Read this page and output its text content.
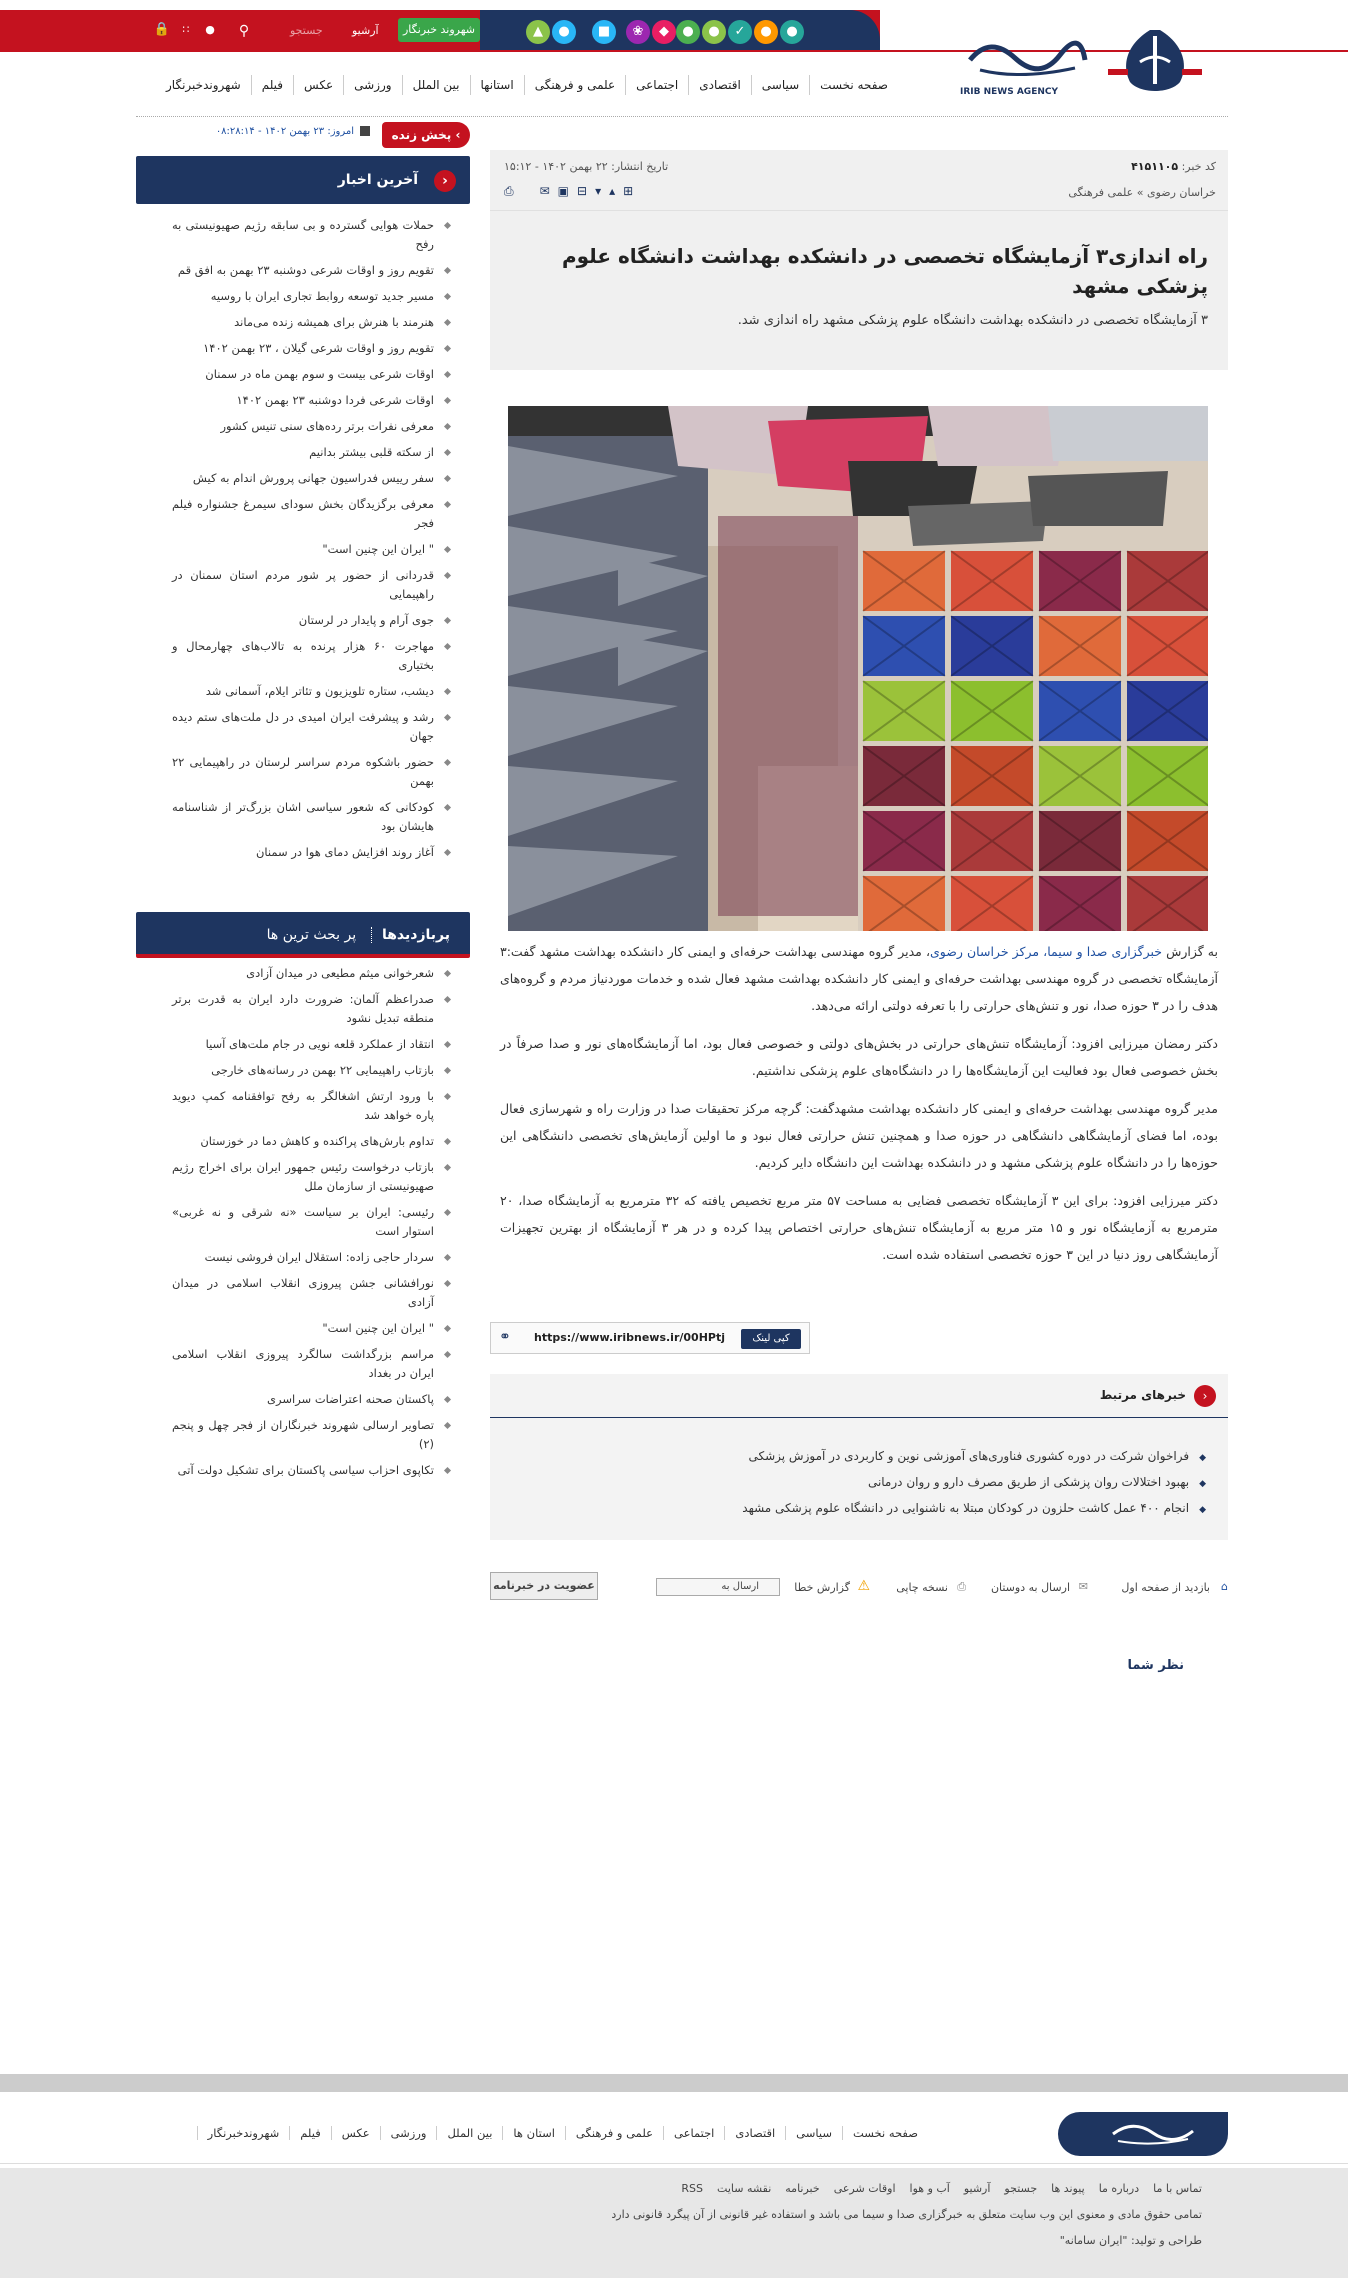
🔒	∷	●	⚲	جستجو	آرشیو	شهروند خبرنگار	▲	●	■	❀	◆	●	●	✓	●	●
IRIB NEWS AGENCY
صفحه نخست
سیاسی
اقتصادی
اجتماعی
علمی و فرهنگی
استانها
بین الملل
ورزشی
عکس
فیلم
شهروندخبرنگار
پخش زنده ‹
امروز: ۲۳ بهمن ۱۴۰۲ - ۰۸:۲۸:۱۴
‹
آخرین اخبار
حملات هوایی گسترده و بی سابقه رژیم صهیونیستی به رفح
تقویم روز و اوقات شرعی دوشنبه ۲۳ بهمن به افق قم
مسیر جدید توسعه روابط تجاری ایران با روسیه
هنرمند با هنرش برای همیشه زنده می‌ماند
تقویم روز و اوقات شرعی گیلان ، ۲۳ بهمن ۱۴۰۲
اوقات شرعی بیست و سوم بهمن ماه در سمنان
اوقات شرعی فردا دوشنبه ۲۳ بهمن ۱۴۰۲
معرفی نفرات برتر رده‌های سنی تنیس کشور
از سکته قلبی بیشتر بدانیم
سفر رییس فدراسیون جهانی پرورش اندام به کیش
معرفی برگزیدگان بخش سودای سیمرغ جشنواره فیلم فجر
" ایران این چنین است"
قدردانی از حضور پر شور مردم استان سمنان در راهپیمایی
جوی آرام و پایدار در لرستان
مهاجرت ۶۰ هزار پرنده به تالاب‌های چهارمحال و بختیاری
دیشب، ستاره تلویزیون و تئاتر ایلام، آسمانی شد
رشد و پیشرفت ایران امیدی در دل ملت‌های ستم دیده جهان
حضور باشکوه مردم سراسر لرستان در راهپیمایی ۲۲ بهمن
کودکانی که شعور سیاسی اشان بزرگ‌تر از شناسنامه هایشان بود
آغاز روند افزایش دمای هوا در سمنان
پربازدیدها پر بحث ترین ها
شعرخوانی میثم مطیعی در میدان آزادی
صدراعظم آلمان: ضرورت دارد ایران به قدرت برتر منطقه تبدیل نشود
انتقاد از عملکرد قلعه نویی در جام ملت‌های آسیا
بازتاب راهپیمایی ۲۲ بهمن در رسانه‌های خارجی
با ورود ارتش اشغالگر به رفح توافقنامه کمپ دیوید پاره خواهد شد
تداوم بارش‌های پراکنده و کاهش دما در خوزستان
بازتاب درخواست رئیس جمهور ایران برای اخراج رژیم صهیونیستی از سازمان ملل
رئیسی: ایران بر سیاست «نه شرقی و نه غربی» استوار است
سردار حاجی زاده: استقلال ایران فروشی نیست
نورافشانی جشن پیروزی انقلاب اسلامی در میدان آزادی
" ایران این چنین است"
مراسم بزرگداشت سالگرد پیروزی انقلاب اسلامی ایران در بغداد
پاکستان صحنه اعتراضات سراسری
تصاویر ارسالی شهروند خبرنگاران از فجر چهل و پنجم (۲)
تکاپوی احزاب سیاسی پاکستان برای تشکیل دولت آتی
کد خبر: ۴۱۵۱۱۰۵
تاریخ انتشار: ۲۲ بهمن ۱۴۰۲ - ۱۵:۱۲
خراسان رضوی » علمی فرهنگی
⎙ ✉ ▣ ⊟ ▾ ▴ ⊞
راه اندازی۳ آزمایشگاه تخصصی در دانشکده بهداشت دانشگاه علوم پزشکی مشهد

۳ آزمایشگاه تخصصی در دانشکده بهداشت دانشگاه علوم پزشکی مشهد راه اندازی شد.

به گزارش خبرگزاری صدا و سیما، مرکز خراسان رضوی، مدیر گروه مهندسی بهداشت حرفه‌ای و ایمنی کار دانشکده بهداشت مشهد گفت:۳ آزمایشگاه تخصصی در گروه مهندسی بهداشت حرفه‌ای و ایمنی کار دانشکده بهداشت مشهد فعال شده و خدمات موردنیاز مردم و گروه‌های هدف را در ۳ حوزه صدا، نور و تنش‌های حرارتی را با تعرفه دولتی ارائه می‌دهد.

دکتر رمضان میرزایی افزود: آزمایشگاه تنش‌های حرارتی در بخش‌های دولتی و خصوصی فعال بود، اما آزمایشگاه‌های نور و صدا صرفاً در بخش خصوصی فعال بود فعالیت این آزمایشگاه‌ها را در دانشگاه‌های علوم پزشکی نداشتیم.

مدیر گروه مهندسی بهداشت حرفه‌ای و ایمنی کار دانشکده بهداشت مشهدگفت: گرچه مرکز تحقیقات صدا در وزارت راه و شهرسازی فعال بوده، اما فضای آزمایشگاهی دانشگاهی در حوزه صدا و همچنین تنش حرارتی فعال نبود و ما اولین آزمایش‌های تخصصی دانشگاهی این حوزه‌ها را در دانشگاه علوم پزشکی مشهد و در دانشکده بهداشت این دانشگاه دایر کردیم.

دکتر میرزایی افزود: برای این ۳ آزمایشگاه تخصصی فضایی به مساحت ۵۷ متر مربع تخصیص یافته که ۳۲ مترمربع به آزمایشگاه صدا، ۲۰ مترمربع به آزمایشگاه نور و ۱۵ متر مربع به آزمایشگاه تنش‌های حرارتی اختصاص پیدا کرده و در هر ۳ آزمایشگاه از بهترین تجهیزات آزمایشگاهی روز دنیا در این ۳ حوزه تخصصی استفاده شده است.

کپی لینک
https://www.iribnews.ir/00HPtj
⚭
‹
خبرهای مرتبط
◆فراخوان شرکت در دوره کشوری فناوری‌های آموزشی نوین و کاربردی در آموزش پزشکی
◆بهبود اختلالات روان پزشکی از طریق مصرف دارو و روان درمانی
◆انجام ۴۰۰ عمل کاشت حلزون در کودکان مبتلا به ناشنوایی در دانشگاه علوم پزشکی مشهد
⌂
بازدید از صفحه اول
✉
ارسال به دوستان
⎙
نسخه چاپی
⚠
گزارش خطا
ارسال به
عضویت در خبرنامه
نظر شما
صفحه نخست
سیاسی
اقتصادی
اجتماعی
علمی و فرهنگی
استان ها
بین الملل
ورزشی
عکس
فیلم
شهروندخبرنگار
تماس با ما
درباره ما
پیوند ها
جستجو
آرشیو
آب و هوا
اوقات شرعی
خبرنامه
نقشه سایت
RSS
تمامی حقوق مادی و معنوی این وب سایت متعلق به خبرگزاری صدا و سیما می باشد و استفاده غیر قانونی از آن پیگرد قانونی دارد
طراحی و تولید: "ایران سامانه"
